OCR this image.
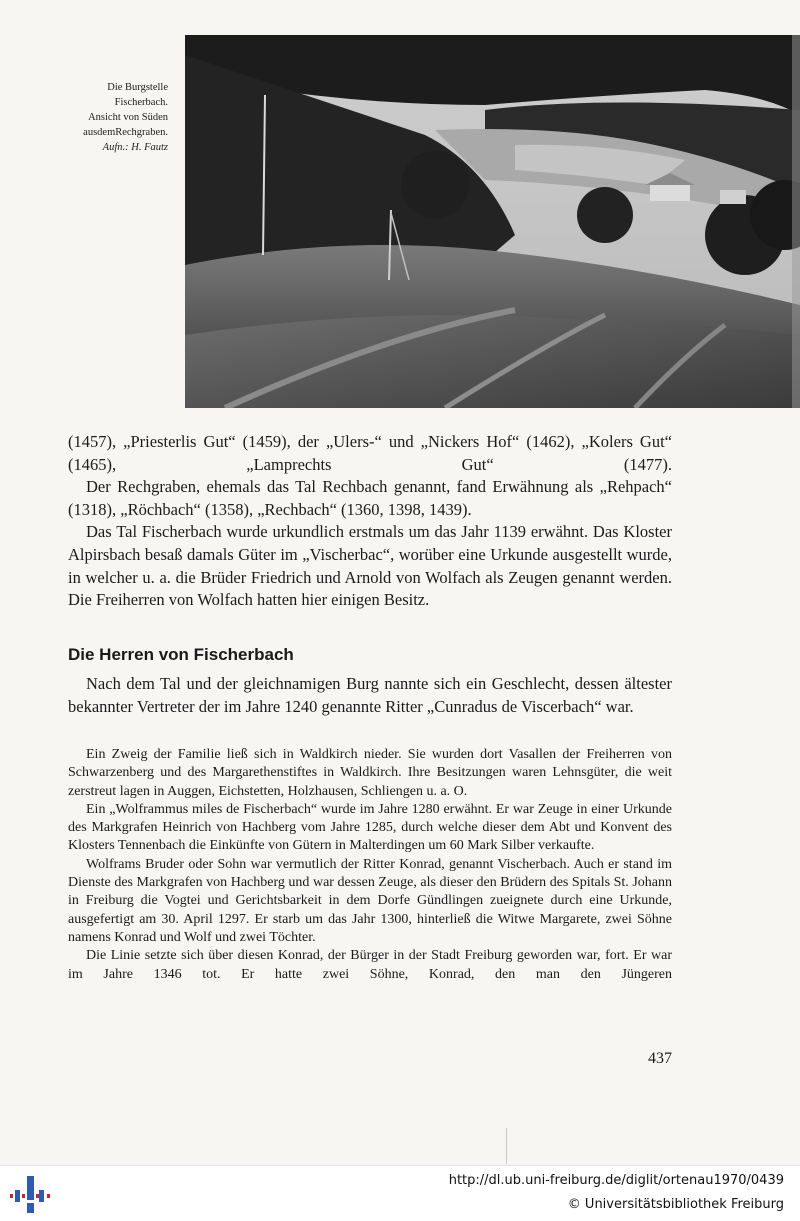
Die Burgstelle
Fischerbach.
Ansicht von Süden
ausdemRechgraben.
Aufn.: H. Fautz

(1457), „Priesterlis Gut“ (1459), der „Ulers-“ und „Nickers Hof“ (1462), „Kolers Gut“ (1465), „Lamprechts Gut“ (1477).

Der Rechgraben, ehemals das Tal Rechbach genannt, fand Erwähnung als „Rehpach“ (1318), „Röchbach“ (1358), „Rechbach“ (1360, 1398, 1439).

Das Tal Fischerbach wurde urkundlich erstmals um das Jahr 1139 erwähnt. Das Kloster Alpirsbach besaß damals Güter im „Vischerbac“, worüber eine Urkunde ausgestellt wurde, in welcher u. a. die Brüder Friedrich und Arnold von Wolfach als Zeugen genannt werden. Die Freiherren von Wolfach hatten hier einigen Besitz.

Die Herren von Fischerbach

Nach dem Tal und der gleichnamigen Burg nannte sich ein Geschlecht, dessen ältester bekannter Vertreter der im Jahre 1240 genannte Ritter „Cunradus de Viscerbach“ war.

Ein Zweig der Familie ließ sich in Waldkirch nieder. Sie wurden dort Vasallen der Freiherren von Schwarzenberg und des Margarethenstiftes in Waldkirch. Ihre Besitzungen waren Lehnsgüter, die weit zerstreut lagen in Auggen, Eichstetten, Holzhausen, Schliengen u. a. O.

Ein „Wolframmus miles de Fischerbach“ wurde im Jahre 1280 erwähnt. Er war Zeuge in einer Urkunde des Markgrafen Heinrich von Hachberg vom Jahre 1285, durch welche dieser dem Abt und Konvent des Klosters Tennenbach die Einkünfte von Gütern in Malterdingen um 60 Mark Silber verkaufte.

Wolframs Bruder oder Sohn war vermutlich der Ritter Konrad, genannt Vischerbach. Auch er stand im Dienste des Markgrafen von Hachberg und war dessen Zeuge, als dieser den Brüdern des Spitals St. Johann in Freiburg die Vogtei und Gerichtsbarkeit in dem Dorfe Gündlingen zueignete durch eine Urkunde, ausgefertigt am 30. April 1297. Er starb um das Jahr 1300, hinterließ die Witwe Margarete, zwei Söhne namens Konrad und Wolf und zwei Töchter.

Die Linie setzte sich über diesen Konrad, der Bürger in der Stadt Freiburg geworden war, fort. Er war im Jahre 1346 tot. Er hatte zwei Söhne, Konrad, den man den Jüngeren

437
http://dl.ub.uni-freiburg.de/diglit/ortenau1970/0439
© Universitätsbibliothek Freiburg
